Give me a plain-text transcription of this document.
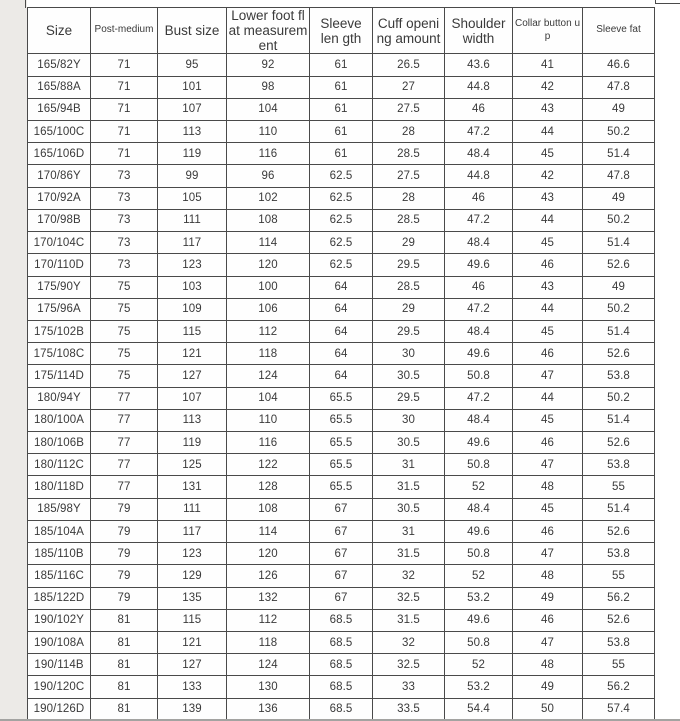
Size	Post-medium	Bust size	Lower foot fl at measurem ent	Sleeve len gth	Cuff openi ng amount	Shoulder width	Collar button u p	Sleeve fat
165/82Y	71	95	92	61	26.5	43.6	41	46.6
165/88A	71	101	98	61	27	44.8	42	47.8
165/94B	71	107	104	61	27.5	46	43	49
165/100C	71	113	110	61	28	47.2	44	50.2
165/106D	71	119	116	61	28.5	48.4	45	51.4
170/86Y	73	99	96	62.5	27.5	44.8	42	47.8
170/92A	73	105	102	62.5	28	46	43	49
170/98B	73	111	108	62.5	28.5	47.2	44	50.2
170/104C	73	117	114	62.5	29	48.4	45	51.4
170/110D	73	123	120	62.5	29.5	49.6	46	52.6
175/90Y	75	103	100	64	28.5	46	43	49
175/96A	75	109	106	64	29	47.2	44	50.2
175/102B	75	115	112	64	29.5	48.4	45	51.4
175/108C	75	121	118	64	30	49.6	46	52.6
175/114D	75	127	124	64	30.5	50.8	47	53.8
180/94Y	77	107	104	65.5	29.5	47.2	44	50.2
180/100A	77	113	110	65.5	30	48.4	45	51.4
180/106B	77	119	116	65.5	30.5	49.6	46	52.6
180/112C	77	125	122	65.5	31	50.8	47	53.8
180/118D	77	131	128	65.5	31.5	52	48	55
185/98Y	79	111	108	67	30.5	48.4	45	51.4
185/104A	79	117	114	67	31	49.6	46	52.6
185/110B	79	123	120	67	31.5	50.8	47	53.8
185/116C	79	129	126	67	32	52	48	55
185/122D	79	135	132	67	32.5	53.2	49	56.2
190/102Y	81	115	112	68.5	31.5	49.6	46	52.6
190/108A	81	121	118	68.5	32	50.8	47	53.8
190/114B	81	127	124	68.5	32.5	52	48	55
190/120C	81	133	130	68.5	33	53.2	49	56.2
190/126D	81	139	136	68.5	33.5	54.4	50	57.4
